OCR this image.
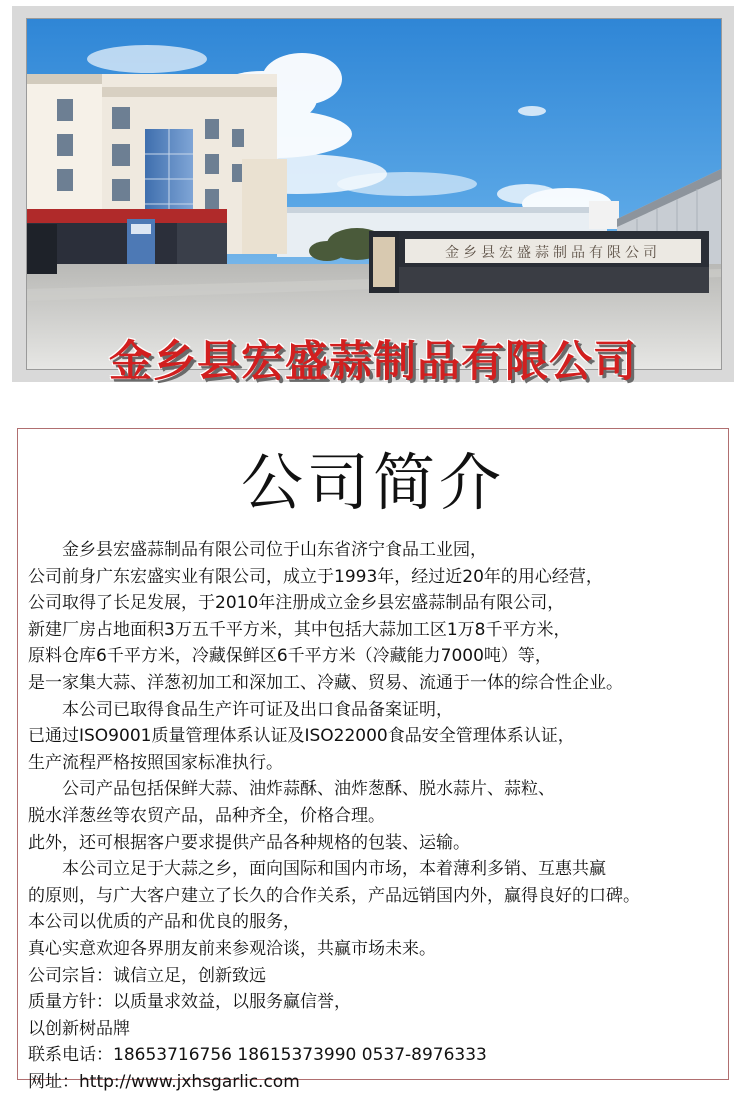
金乡县宏盛蒜制品有限公司
金乡县宏盛蒜制品有限公司
公司简介
　　金乡县宏盛蒜制品有限公司位于山东省济宁食品工业园，
公司前身广东宏盛实业有限公司，成立于1993年，经过近20年的用心经营，
公司取得了长足发展，于2010年注册成立金乡县宏盛蒜制品有限公司，
新建厂房占地面积3万五千平方米，其中包括大蒜加工区1万8千平方米，
原料仓库6千平方米，冷藏保鲜区6千平方米（冷藏能力7000吨）等，
是一家集大蒜、洋葱初加工和深加工、冷藏、贸易、流通于一体的综合性企业。
　　本公司已取得食品生产许可证及出口食品备案证明，
已通过ISO9001质量管理体系认证及ISO22000食品安全管理体系认证，
生产流程严格按照国家标准执行。
　　公司产品包括保鲜大蒜、油炸蒜酥、油炸葱酥、脱水蒜片、蒜粒、
脱水洋葱丝等农贸产品，品种齐全，价格合理。
此外，还可根据客户要求提供产品各种规格的包装、运输。
　　本公司立足于大蒜之乡，面向国际和国内市场，本着薄利多销、互惠共赢
的原则，与广大客户建立了长久的合作关系，产品远销国内外，赢得良好的口碑。
本公司以优质的产品和优良的服务，
真心实意欢迎各界朋友前来参观洽谈，共赢市场未来。
公司宗旨：诚信立足，创新致远
质量方针：以质量求效益，以服务赢信誉，
以创新树品牌
联系电话：18653716756 18615373990 0537-8976333
网址：http://www.jxhsgarlic.com
